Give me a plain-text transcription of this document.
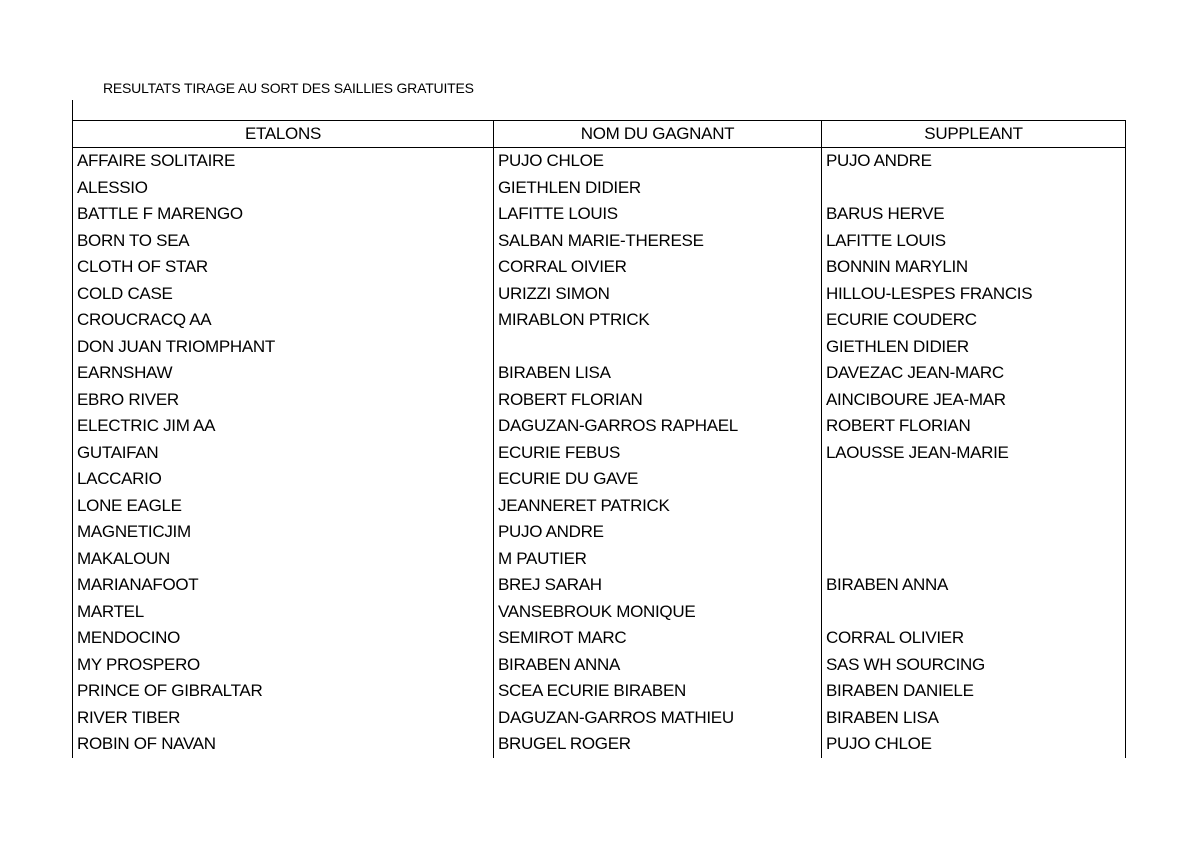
RESULTATS TIRAGE AU SORT DES SAILLIES GRATUITES
ETALONS	NOM DU GAGNANT	SUPPLEANT
AFFAIRE SOLITAIRE	PUJO CHLOE	PUJO ANDRE
ALESSIO	GIETHLEN DIDIER	
BATTLE F MARENGO	LAFITTE LOUIS	BARUS HERVE
BORN TO SEA	SALBAN MARIE-THERESE	LAFITTE LOUIS
CLOTH OF STAR	CORRAL OIVIER	BONNIN MARYLIN
COLD CASE	URIZZI SIMON	HILLOU-LESPES FRANCIS
CROUCRACQ AA	MIRABLON PTRICK	ECURIE COUDERC
DON JUAN TRIOMPHANT		GIETHLEN DIDIER
EARNSHAW	BIRABEN LISA	DAVEZAC JEAN-MARC
EBRO RIVER	ROBERT FLORIAN	AINCIBOURE JEA-MAR
ELECTRIC JIM AA	DAGUZAN-GARROS RAPHAEL	ROBERT FLORIAN
GUTAIFAN	ECURIE FEBUS	LAOUSSE JEAN-MARIE
LACCARIO	ECURIE DU GAVE	
LONE EAGLE	JEANNERET PATRICK	
MAGNETICJIM	PUJO ANDRE	
MAKALOUN	M PAUTIER	
MARIANAFOOT	BREJ SARAH	BIRABEN ANNA
MARTEL	VANSEBROUK MONIQUE	
MENDOCINO	SEMIROT MARC	CORRAL OLIVIER
MY PROSPERO	BIRABEN ANNA	SAS WH SOURCING
PRINCE OF GIBRALTAR	SCEA ECURIE BIRABEN	BIRABEN DANIELE
RIVER TIBER	DAGUZAN-GARROS MATHIEU	BIRABEN LISA
ROBIN OF NAVAN	BRUGEL ROGER	PUJO CHLOE
